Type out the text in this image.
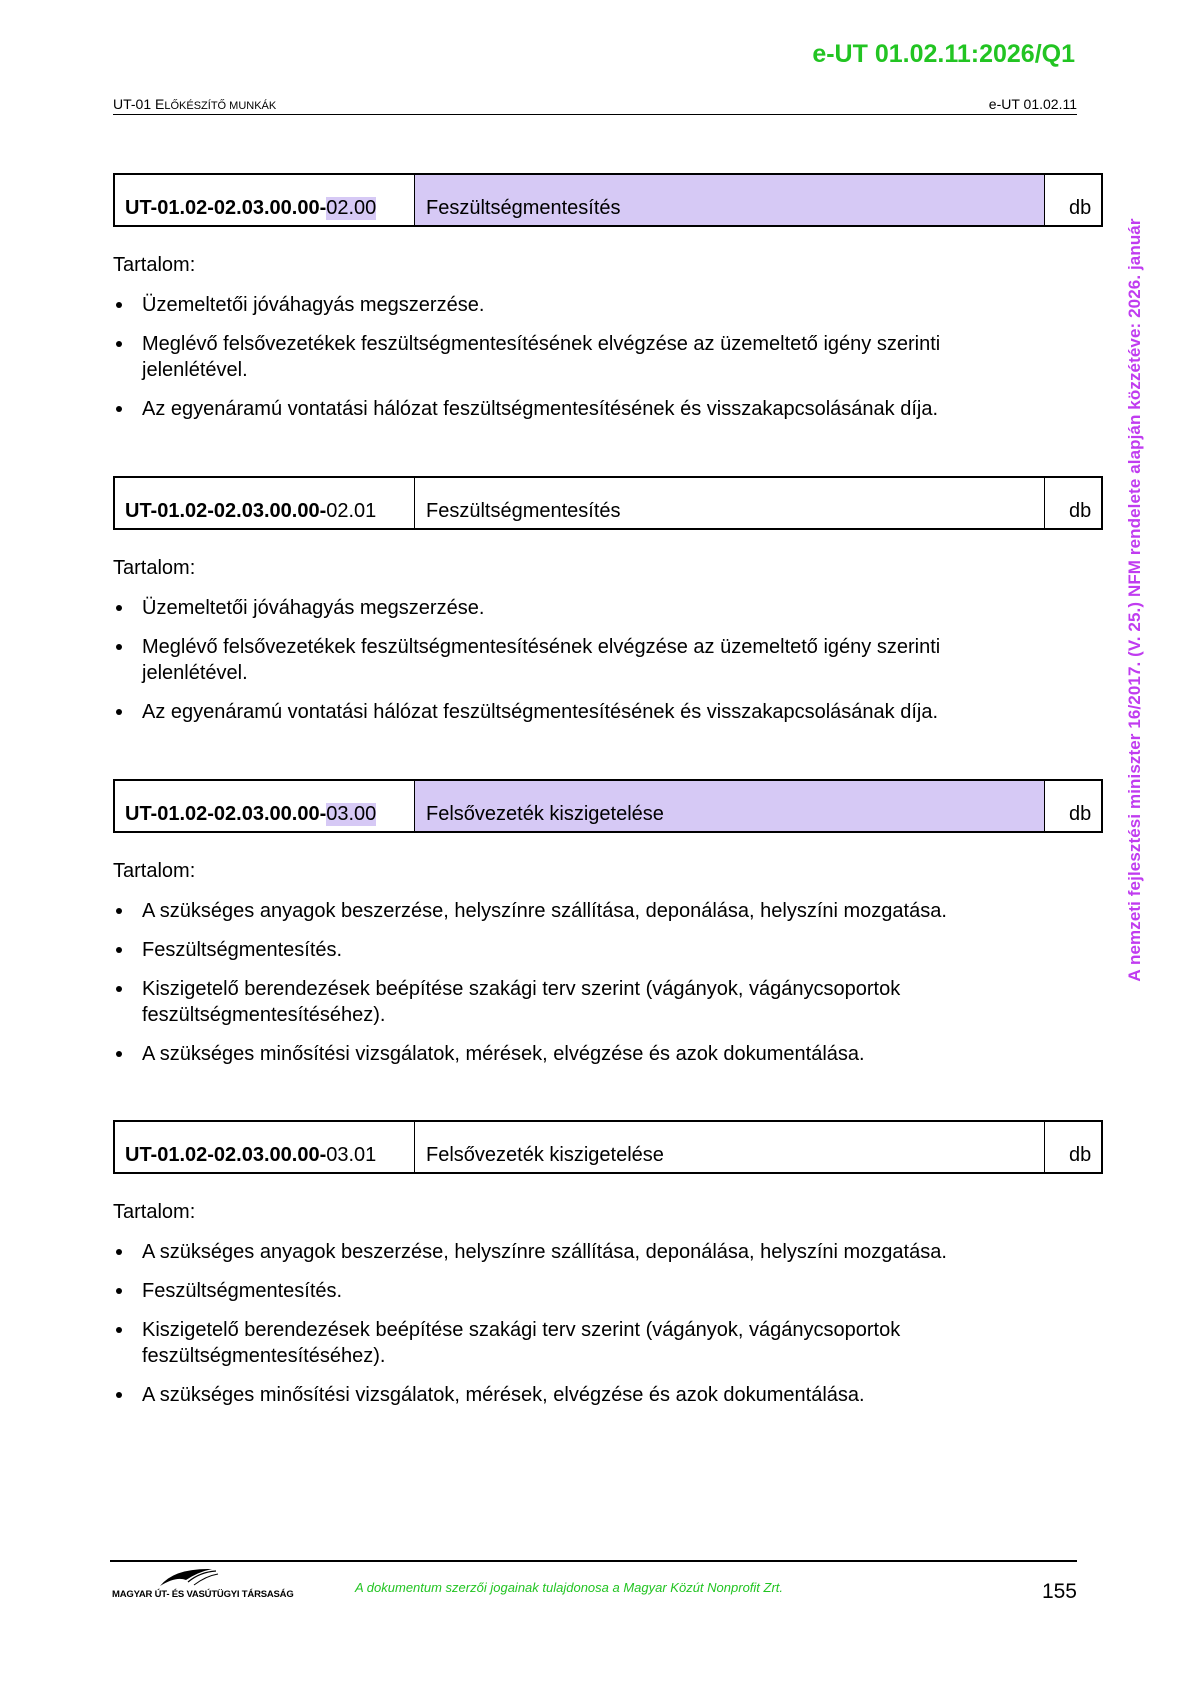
e-UT 01.02.11:2026/Q1
UT-01 ELŐKÉSZÍTŐ MUNKÁK	e-UT 01.02.11
UT-01.02-02.03.00.00- 02.00	Feszültségmentesítés	db
Tartalom:
Üzemeltetői jóváhagyás megszerzése.
Meglévő felsővezetékek feszültségmentesítésének elvégzése az üzemeltető igény szerinti jelenlétével.
Az egyenáramú vontatási hálózat feszültségmentesítésének és visszakapcsolásának díja.
UT-01.02-02.03.00.00- 02.01	Feszültségmentesítés	db
Tartalom:
Üzemeltetői jóváhagyás megszerzése.
Meglévő felsővezetékek feszültségmentesítésének elvégzése az üzemeltető igény szerinti jelenlétével.
Az egyenáramú vontatási hálózat feszültségmentesítésének és visszakapcsolásának díja.
UT-01.02-02.03.00.00- 03.00	Felsővezeték kiszigetelése	db
Tartalom:
A szükséges anyagok beszerzése, helyszínre szállítása, deponálása, helyszíni mozgatása.
Feszültségmentesítés.
Kiszigetelő berendezések beépítése szakági terv szerint (vágányok, vágánycsoportok feszültségmentesítéséhez).
A szükséges minősítési vizsgálatok, mérések, elvégzése és azok dokumentálása.
UT-01.02-02.03.00.00- 03.01	Felsővezeték kiszigetelése	db
Tartalom:
A szükséges anyagok beszerzése, helyszínre szállítása, deponálása, helyszíni mozgatása.
Feszültségmentesítés.
Kiszigetelő berendezések beépítése szakági terv szerint (vágányok, vágánycsoportok feszültségmentesítéséhez).
A szükséges minősítési vizsgálatok, mérések, elvégzése és azok dokumentálása.
A nemzeti fejlesztési miniszter 16/2017. (V. 25.) NFM rendelete alapján közzétéve: 2026. január
MAGYAR ÚT- ÉS VASÚTÜGYI TÁRSASÁG	A dokumentum szerzői jogainak tulajdonosa a Magyar Közút Nonprofit Zrt.	155
